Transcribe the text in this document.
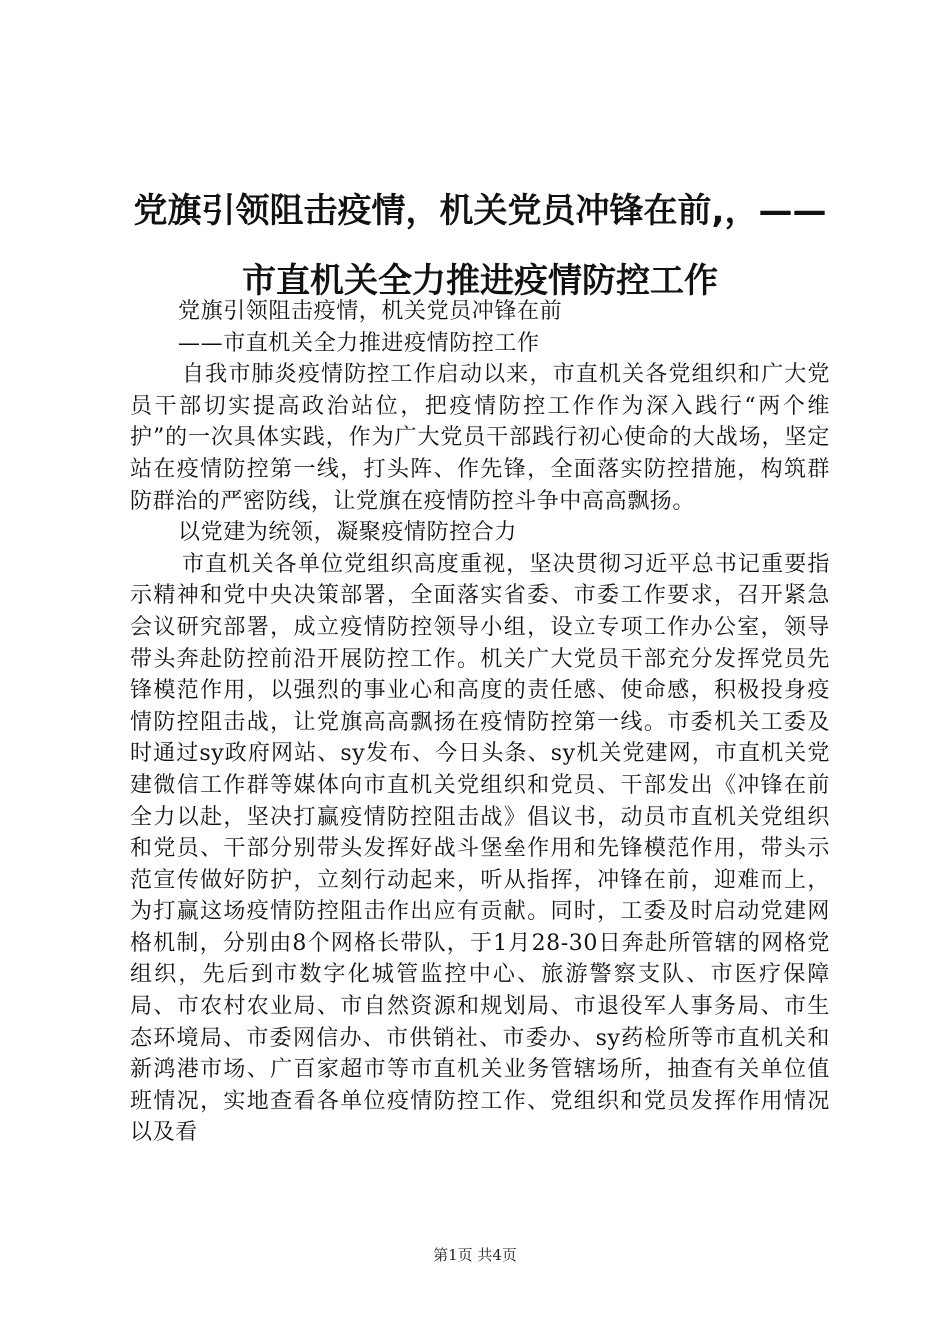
党旗引领阻击疫情，机关党员冲锋在前,，——
市直机关全力推进疫情防控工作

党旗引领阻击疫情，机关党员冲锋在前

——市直机关全力推进疫情防控工作

自我市肺炎疫情防控工作启动以来，市直机关各党组织和广大党员干部切实提高政治站位，把疫情防控工作作为深入践行“两个维护”的一次具体实践，作为广大党员干部践行初心使命的大战场，坚定站在疫情防控第一线，打头阵、作先锋，全面落实防控措施，构筑群防群治的严密防线，让党旗在疫情防控斗争中高高飘扬。

以党建为统领，凝聚疫情防控合力

市直机关各单位党组织高度重视，坚决贯彻习近平总书记重要指示精神和党中央决策部署，全面落实省委、市委工作要求，召开紧急会议研究部署，成立疫情防控领导小组，设立专项工作办公室，领导带头奔赴防控前沿开展防控工作。机关广大党员干部充分发挥党员先锋模范作用，以强烈的事业心和高度的责任感、使命感，积极投身疫情防控阻击战，让党旗高高飘扬在疫情防控第一线。市委机关工委及时通过sy政府网站、sy发布、今日头条、sy机关党建网，市直机关党建微信工作群等媒体向市直机关党组织和党员、干部发出《冲锋在前全力以赴，坚决打赢疫情防控阻击战》倡议书，动员市直机关党组织和党员、干部分别带头发挥好战斗堡垒作用和先锋模范作用，带头示范宣传做好防护，立刻行动起来，听从指挥，冲锋在前，迎难而上，为打赢这场疫情防控阻击作出应有贡献。同时，工委及时启动党建网格机制，分别由8个网格长带队，于1月28-30日奔赴所管辖的网格党组织，先后到市数字化城管监控中心、旅游警察支队、市医疗保障局、市农村农业局、市自然资源和规划局、市退役军人事务局、市生态环境局、市委网信办、市供销社、市委办、sy药检所等市直机关和新鸿港市场、广百家超市等市直机关业务管辖场所，抽查有关单位值班情况，实地查看各单位疫情防控工作、党组织和党员发挥作用情况以及看

第1页 共4页
